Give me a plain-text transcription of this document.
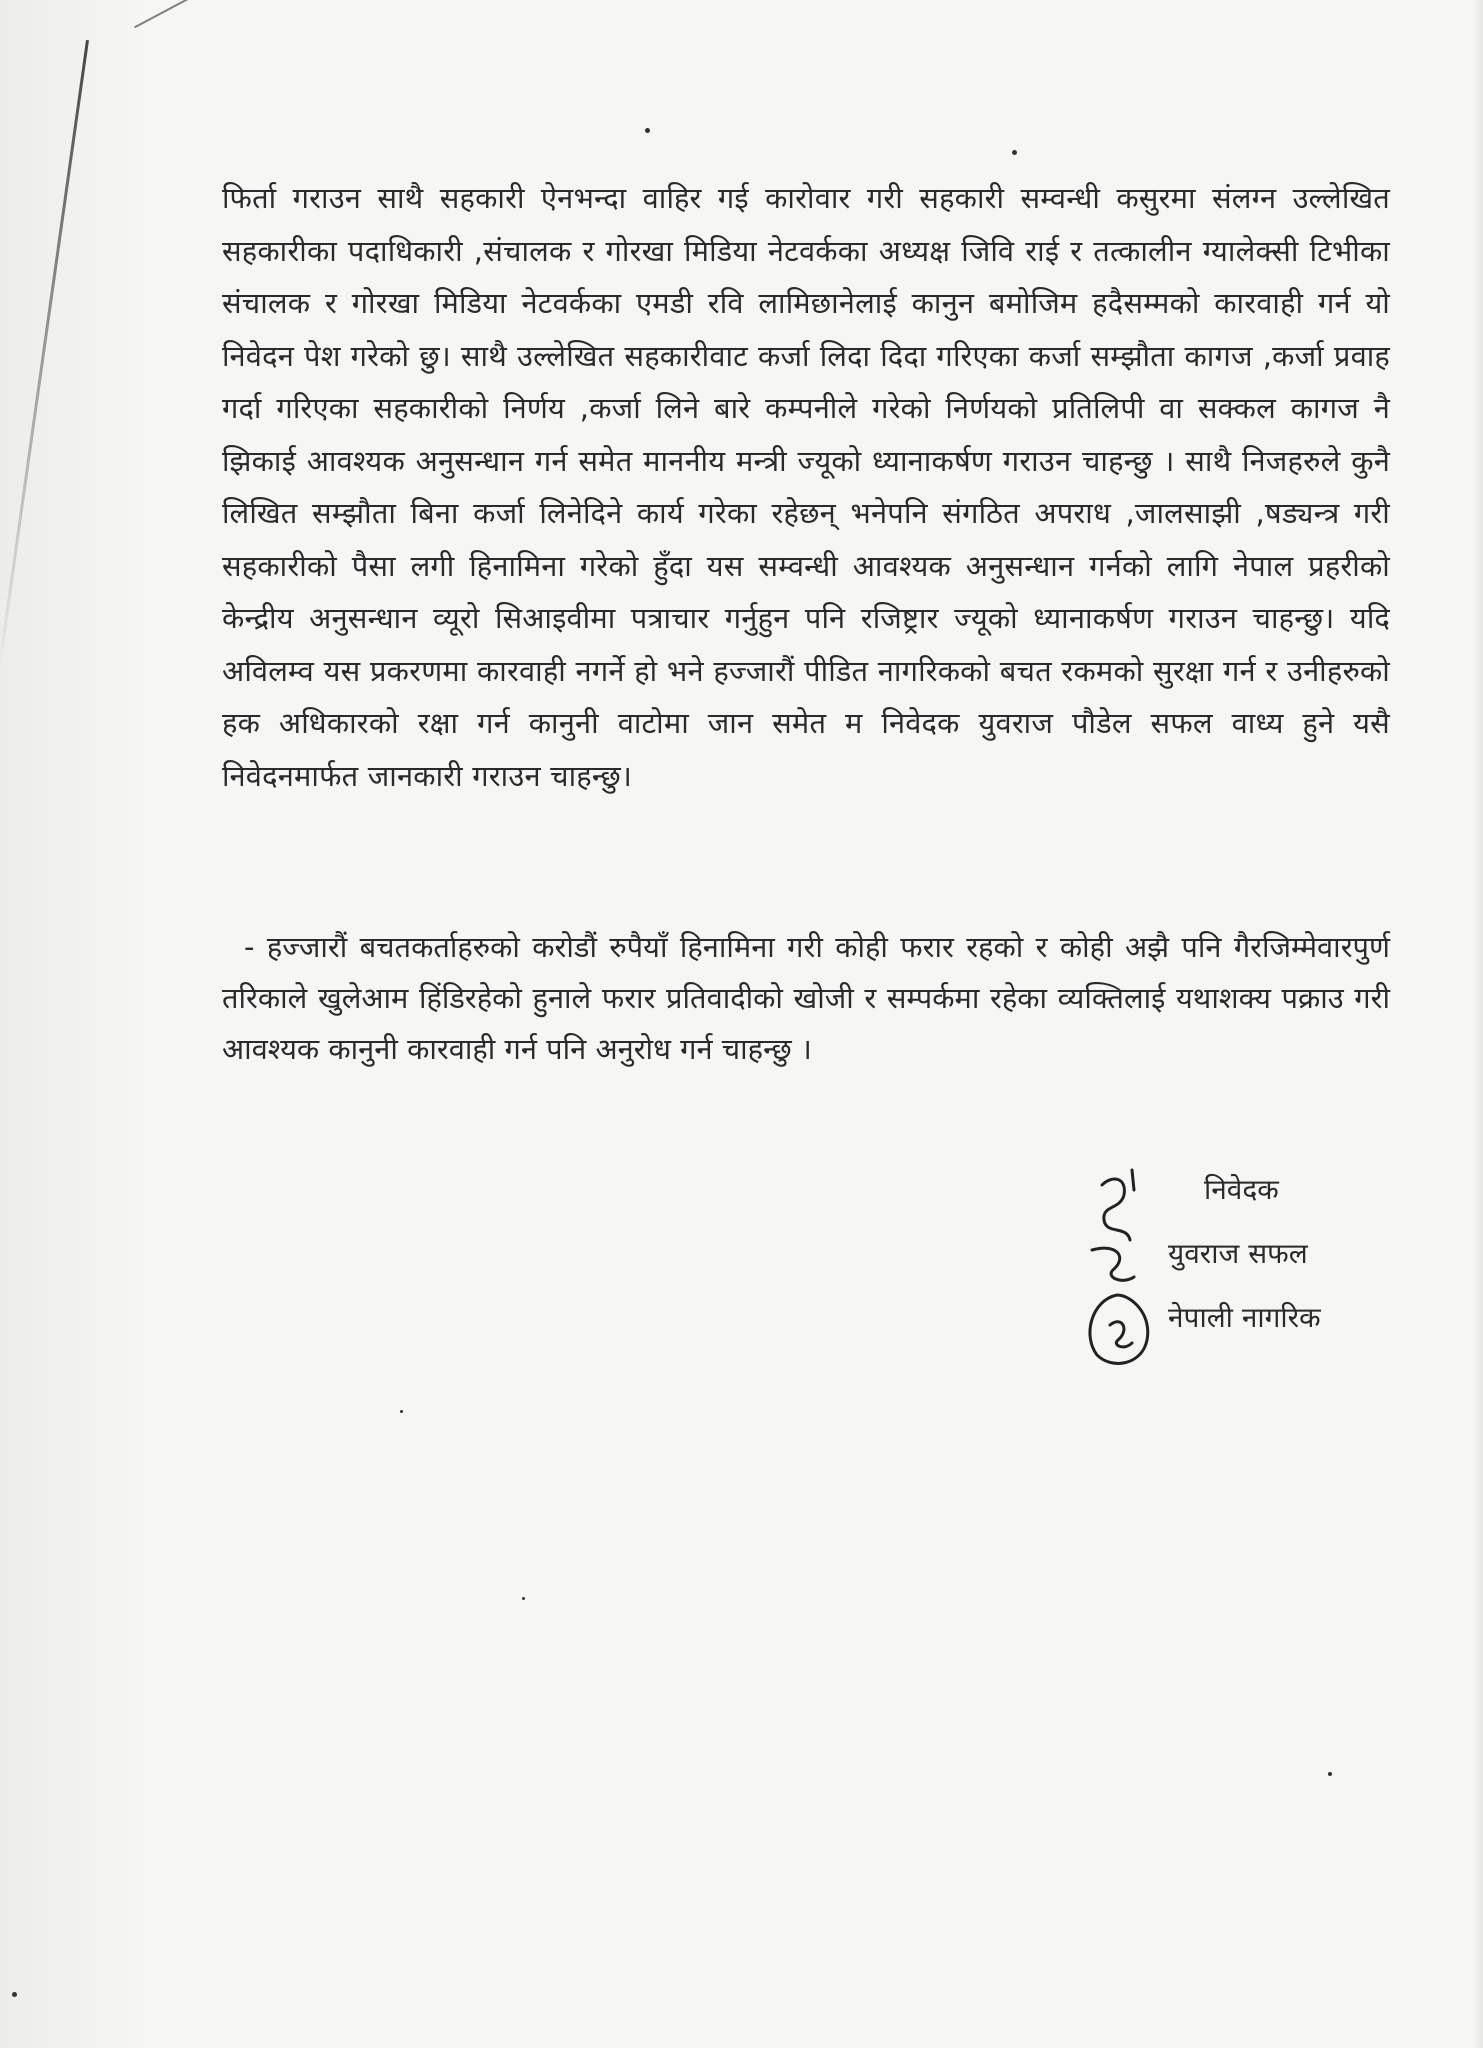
फिर्ता गराउन साथै सहकारी ऐनभन्दा वाहिर गई कारोवार गरी सहकारी सम्वन्धी कसुरमा संलग्न उल्लेखित सहकारीका पदाधिकारी ,संचालक र गोरखा मिडिया नेटवर्कका अध्यक्ष जिवि राई र तत्कालीन ग्यालेक्सी टिभीका संचालक र गोरखा मिडिया नेटवर्कका एमडी रवि लामिछानेलाई कानुन बमोजिम हदैसम्मको कारवाही गर्न यो निवेदन पेश गरेको छु। साथै उल्लेखित सहकारीवाट कर्जा लिदा दिदा गरिएका कर्जा सम्झौता कागज ,कर्जा प्रवाह गर्दा गरिएका सहकारीको निर्णय ,कर्जा लिने बारे कम्पनीले गरेको निर्णयको प्रतिलिपी वा सक्कल कागज नै झिकाई आवश्यक अनुसन्धान गर्न समेत माननीय मन्त्री ज्यूको ध्यानाकर्षण गराउन चाहन्छु । साथै निजहरुले कुनै लिखित सम्झौता बिना कर्जा लिनेदिने कार्य गरेका रहेछन् भनेपनि संगठित अपराध ,जालसाझी ,षड्यन्त्र गरी सहकारीको पैसा लगी हिनामिना गरेको हुँदा यस सम्वन्धी आवश्यक अनुसन्धान गर्नको लागि नेपाल प्रहरीको केन्द्रीय अनुसन्धान व्यूरो सिआइवीमा पत्राचार गर्नुहुन पनि रजिष्ट्रार ज्यूको ध्यानाकर्षण गराउन चाहन्छु। यदि अविलम्व यस प्रकरणमा कारवाही नगर्ने हो भने हज्जारौं पीडित नागरिकको बचत रकमको सुरक्षा गर्न र उनीहरुको हक अधिकारको रक्षा गर्न कानुनी वाटोमा जान समेत म निवेदक युवराज पौडेल सफल वाध्य हुने यसै निवेदनमार्फत जानकारी गराउन चाहन्छु।

- हज्जारौं बचतकर्ताहरुको करोडौं रुपैयाँ हिनामिना गरी कोही फरार रहको र कोही अझै पनि गैरजिम्मेवारपुर्ण तरिकाले खुलेआम हिंडिरहेको हुनाले फरार प्रतिवादीको खोजी र सम्पर्कमा रहेका व्यक्तिलाई यथाशक्य पक्राउ गरी आवश्यक कानुनी कारवाही गर्न पनि अनुरोध गर्न चाहन्छु ।

निवेदक
युवराज सफल
नेपाली नागरिक
